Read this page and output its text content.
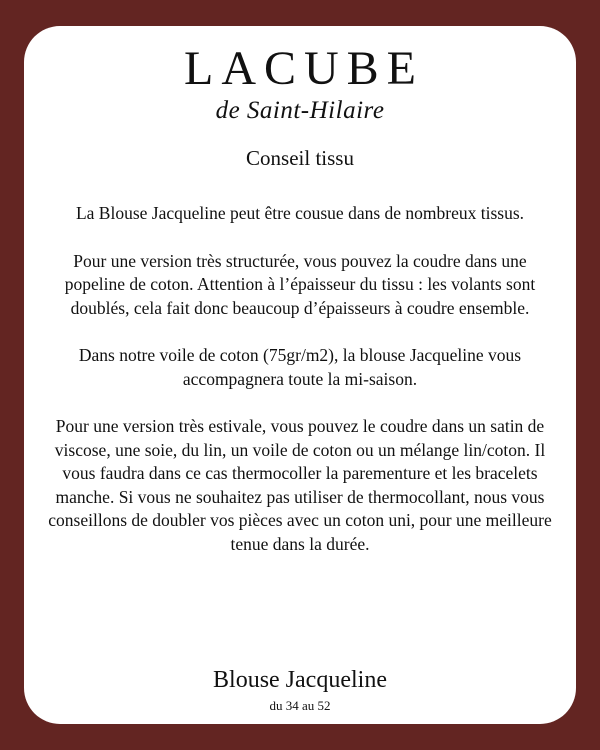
LACUBE
de Saint-Hilaire
Conseil tissu

La Blouse Jacqueline peut être cousue dans de nombreux tissus.

Pour une version très structurée, vous pouvez la coudre dans une popeline de coton. Attention à l’épaisseur du tissu : les volants sont doublés, cela fait donc beaucoup d’épaisseurs à coudre ensemble.

Dans notre voile de coton (75gr/m2), la blouse Jacqueline vous accompagnera toute la mi-saison.

Pour une version très estivale, vous pouvez le coudre dans un satin de viscose, une soie, du lin, un voile de coton ou un mélange lin/coton. Il vous faudra dans ce cas thermocoller la parementure et les bracelets manche. Si vous ne souhaitez pas utiliser de thermocollant, nous vous conseillons de doubler vos pièces avec un coton uni, pour une meilleure tenue dans la durée.

Blouse Jacqueline
du 34 au 52
